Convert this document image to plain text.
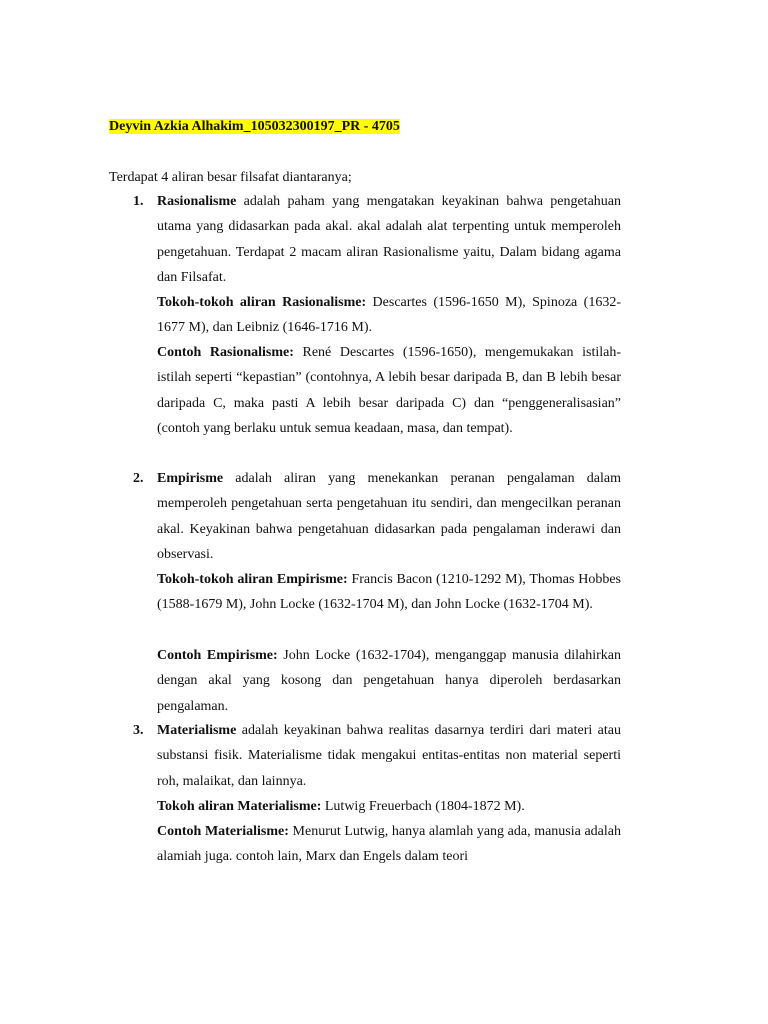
Deyvin Azkia Alhakim_105032300197_PR - 4705
Terdapat 4 aliran besar filsafat diantaranya;
1. Rasionalisme adalah paham yang mengatakan keyakinan bahwa pengetahuan utama yang didasarkan pada akal. akal adalah alat terpenting untuk memperoleh pengetahuan. Terdapat 2 macam aliran Rasionalisme yaitu, Dalam bidang agama dan Filsafat.

Tokoh-tokoh aliran Rasionalisme: Descartes (1596-1650 M), Spinoza (1632-1677 M), dan Leibniz (1646-1716 M).

Contoh Rasionalisme: René Descartes (1596-1650), mengemukakan istilah-istilah seperti “kepastian” (contohnya, A lebih besar daripada B, dan B lebih besar daripada C, maka pasti A lebih besar daripada C) dan “penggeneralisasian” (contoh yang berlaku untuk semua keadaan, masa, dan tempat).

2. Empirisme adalah aliran yang menekankan peranan pengalaman dalam memperoleh pengetahuan serta pengetahuan itu sendiri, dan mengecilkan peranan akal. Keyakinan bahwa pengetahuan didasarkan pada pengalaman inderawi dan observasi.

Tokoh-tokoh aliran Empirisme: Francis Bacon (1210-1292 M), Thomas Hobbes (1588-1679 M), John Locke (1632-1704 M), dan John Locke (1632-1704 M).

Contoh Empirisme: John Locke (1632-1704), menganggap manusia dilahirkan dengan akal yang kosong dan pengetahuan hanya diperoleh berdasarkan pengalaman.

3. Materialisme adalah keyakinan bahwa realitas dasarnya terdiri dari materi atau substansi fisik. Materialisme tidak mengakui entitas-entitas non material seperti roh, malaikat, dan lainnya.

Tokoh aliran Materialisme: Lutwig Freuerbach (1804-1872 M).

Contoh Materialisme: Menurut Lutwig, hanya alamlah yang ada, manusia adalah alamiah juga. contoh lain, Marx dan Engels dalam teori
